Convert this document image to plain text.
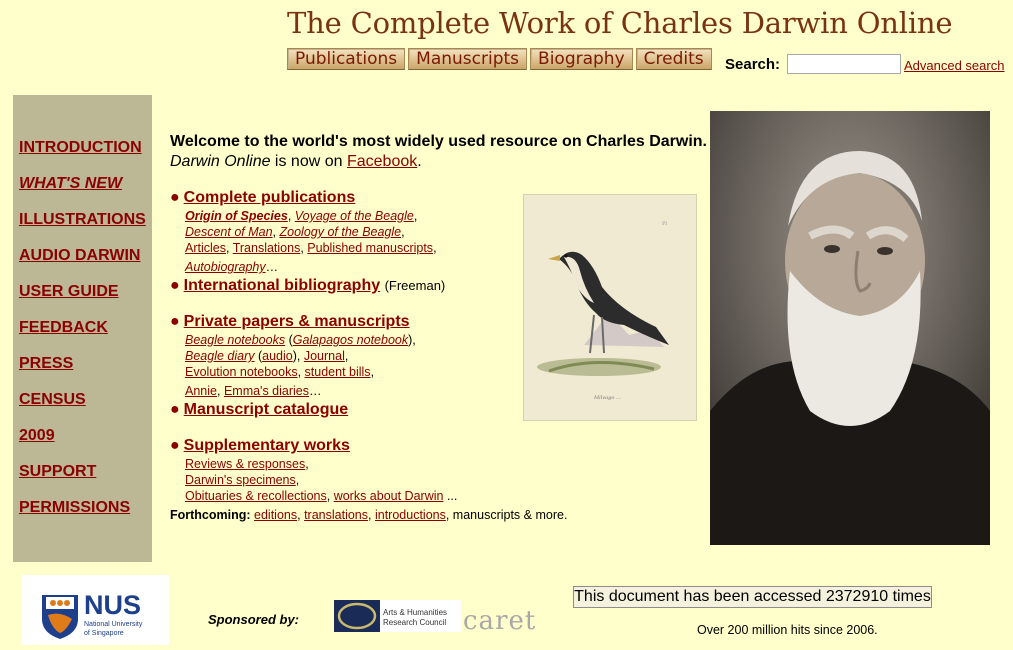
The Complete Work of Charles Darwin Online
Publications	Manuscripts	Biography	Credits	Search:	Advanced search
INTRODUCTION
WHAT'S NEW
ILLUSTRATIONS
AUDIO DARWIN
USER GUIDE
FEEDBACK
PRESS
CENSUS
2009
SUPPORT
PERMISSIONS
Welcome to the world's most widely used resource on Charles Darwin.
Darwin Online is now on Facebook.
● Complete publications
Origin of Species, Voyage of the Beagle,
Descent of Man, Zoology of the Beagle,
Articles, Translations, Published manuscripts,
Autobiography…
● International bibliography (Freeman)
● Private papers & manuscripts
Beagle notebooks (Galapagos notebook),
Beagle diary (audio), Journal,
Evolution notebooks, student bills,
Annie, Emma's diaries…
● Manuscript catalogue
● Supplementary works
Reviews & responses,
Darwin's specimens,
Obituaries & recollections, works about Darwin ...
Forthcoming: editions, translations, introductions, manuscripts & more.
Pl
Milvago ...
NUS
National University
of Singapore
Sponsored by:	Arts & Humanities
Research Council caret
This document has been accessed 2372910 times
Over 200 million hits since 2006.
